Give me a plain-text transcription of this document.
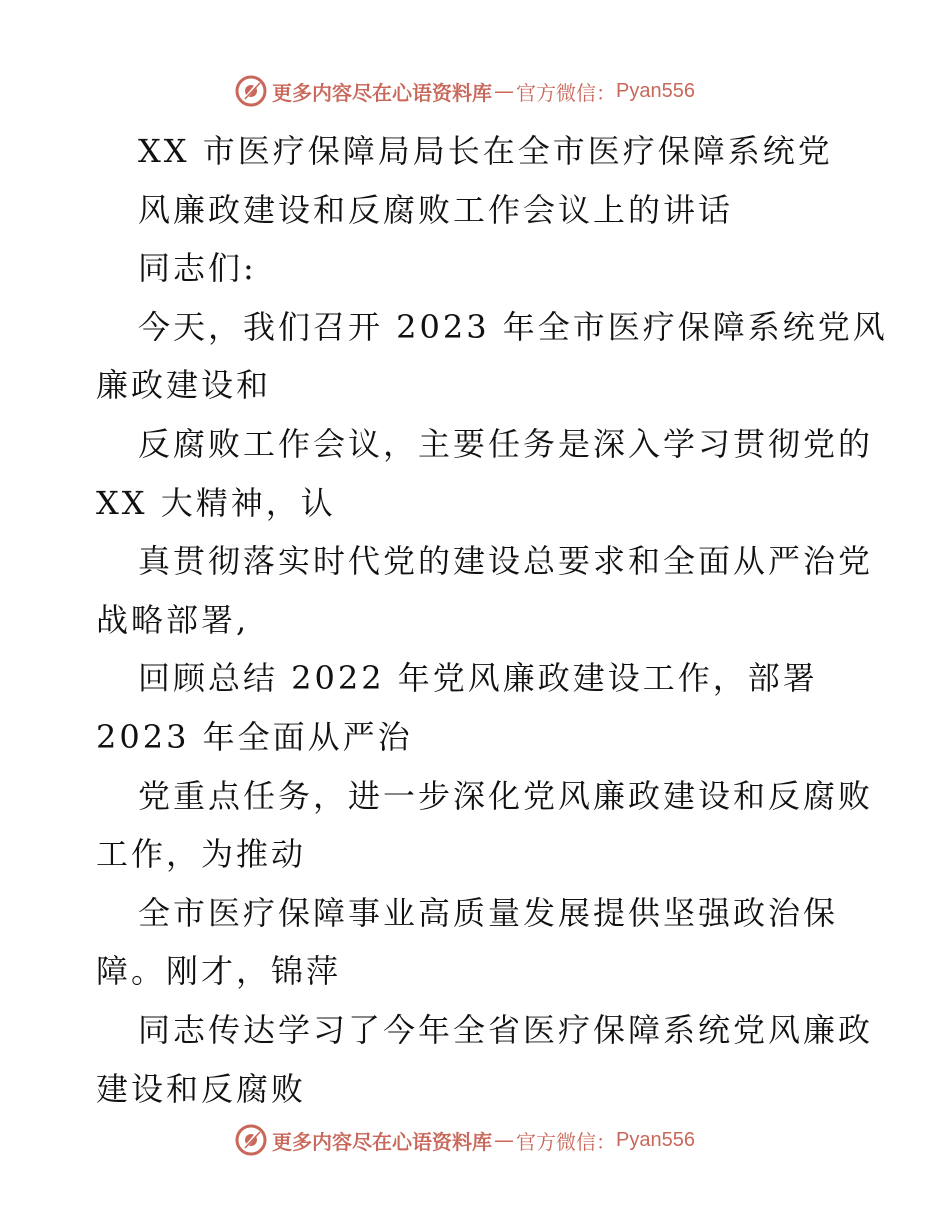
更多内容尽在心语资料库 — 官方微信： Pyan556
XX 市医疗保障局局长在全市医疗保障系统党
风廉政建设和反腐败工作会议上的讲话
同志们:
今天，我们召开 2023 年全市医疗保障系统党风
廉政建设和
反腐败工作会议，主要任务是深入学习贯彻党的
XX 大精神，认
真贯彻落实时代党的建设总要求和全面从严治党
战略部署,
回顾总结 2022 年党风廉政建设工作，部署
2023 年全面从严治
党重点任务，进一步深化党风廉政建设和反腐败
工作，为推动
全市医疗保障事业高质量发展提供坚强政治保
障。刚才，锦萍
同志传达学习了今年全省医疗保障系统党风廉政
建设和反腐败
更多内容尽在心语资料库 — 官方微信： Pyan556
